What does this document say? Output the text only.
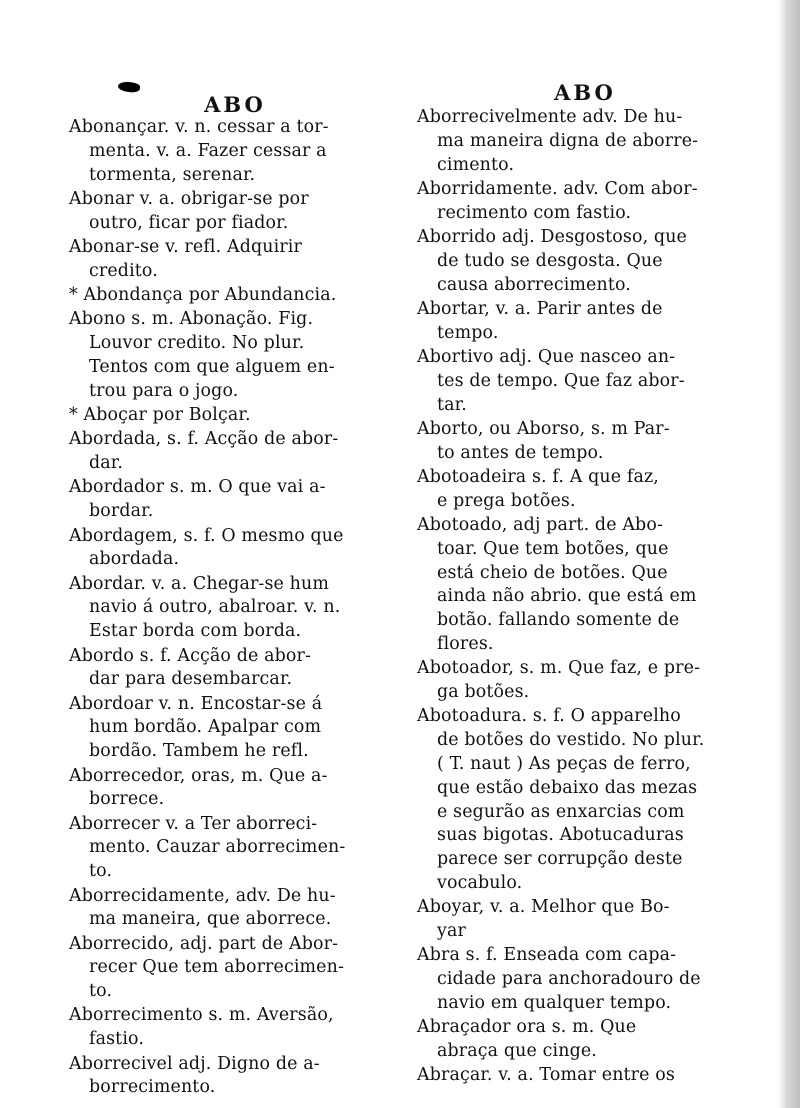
ABO	ABO
Abonançar. v. n. cessar a tor-
menta. v. a. Fazer cessar a
tormenta, serenar.
Abonar v. a. obrigar-se por
outro, ficar por fiador.
Abonar-se v. refl. Adquirir
credito.
* Abondança por Abundancia.
Abono s. m. Abonação. Fig.
Louvor credito. No plur.
Tentos com que alguem en-
trou para o jogo.
* Aboçar por Bolçar.
Abordada, s. f. Acção de abor-
dar.
Abordador s. m. O que vai a-
bordar.
Abordagem, s. f. O mesmo que
abordada.
Abordar. v. a. Chegar-se hum
navio á outro, abalroar. v. n.
Estar borda com borda.
Abordo s. f. Acção de abor-
dar para desembarcar.
Abordoar v. n. Encostar-se á
hum bordão. Apalpar com
bordão. Tambem he refl.
Aborrecedor, oras, m. Que a-
borrece.
Aborrecer v. a Ter aborreci-
mento. Cauzar aborrecimen-
to.
Aborrecidamente, adv. De hu-
ma maneira, que aborrece.
Aborrecido, adj. part de Abor-
recer Que tem aborrecimen-
to.
Aborrecimento s. m. Aversão,
fastio.
Aborrecivel adj. Digno de a-
borrecimento.
Aborrecivelmente adv. De hu-
ma maneira digna de aborre-
cimento.
Aborridamente. adv. Com abor-
recimento com fastio.
Aborrido adj. Desgostoso, que
de tudo se desgosta. Que
causa aborrecimento.
Abortar, v. a. Parir antes de
tempo.
Abortivo adj. Que nasceo an-
tes de tempo. Que faz abor-
tar.
Aborto, ou Aborso, s. m Par-
to antes de tempo.
Abotoadeira s. f. A que faz,
e prega botões.
Abotoado, adj part. de Abo-
toar. Que tem botões, que
está cheio de botões. Que
ainda não abrio. que está em
botão. fallando somente de
flores.
Abotoador, s. m. Que faz, e pre-
ga botões.
Abotoadura. s. f. O apparelho
de botões do vestido. No plur.
( T. naut ) As peças de ferro,
que estão debaixo das mezas
e segurão as enxarcias com
suas bigotas. Abotucaduras
parece ser corrupção deste
vocabulo.
Aboyar, v. a. Melhor que Bo-
yar
Abra s. f. Enseada com capa-
cidade para anchoradouro de
navio em qualquer tempo.
Abraçador ora s. m. Que
abraça que cinge.
Abraçar. v. a. Tomar entre os
